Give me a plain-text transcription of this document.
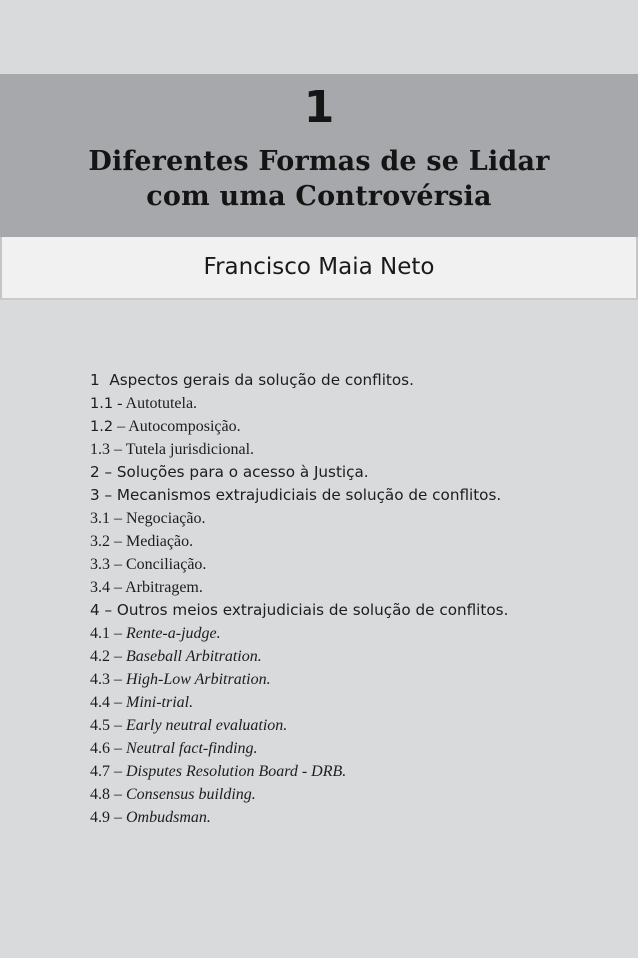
1
Diferentes Formas de se Lidar
com uma Controvérsia
Francisco Maia Neto
1 Aspectos gerais da solução de conflitos.
1.1 - Autotutela.
1.2 – Autocomposição.
1.3 – Tutela jurisdicional.
2 – Soluções para o acesso à Justiça.
3 – Mecanismos extrajudiciais de solução de conflitos.
3.1 – Negociação.
3.2 – Mediação.
3.3 – Conciliação.
3.4 – Arbitragem.
4 – Outros meios extrajudiciais de solução de conflitos.
4.1 – Rente-a-judge.
4.2 – Baseball Arbitration.
4.3 – High-Low Arbitration.
4.4 – Mini-trial.
4.5 – Early neutral evaluation.
4.6 – Neutral fact-finding.
4.7 – Disputes Resolution Board - DRB.
4.8 – Consensus building.
4.9 – Ombudsman.
